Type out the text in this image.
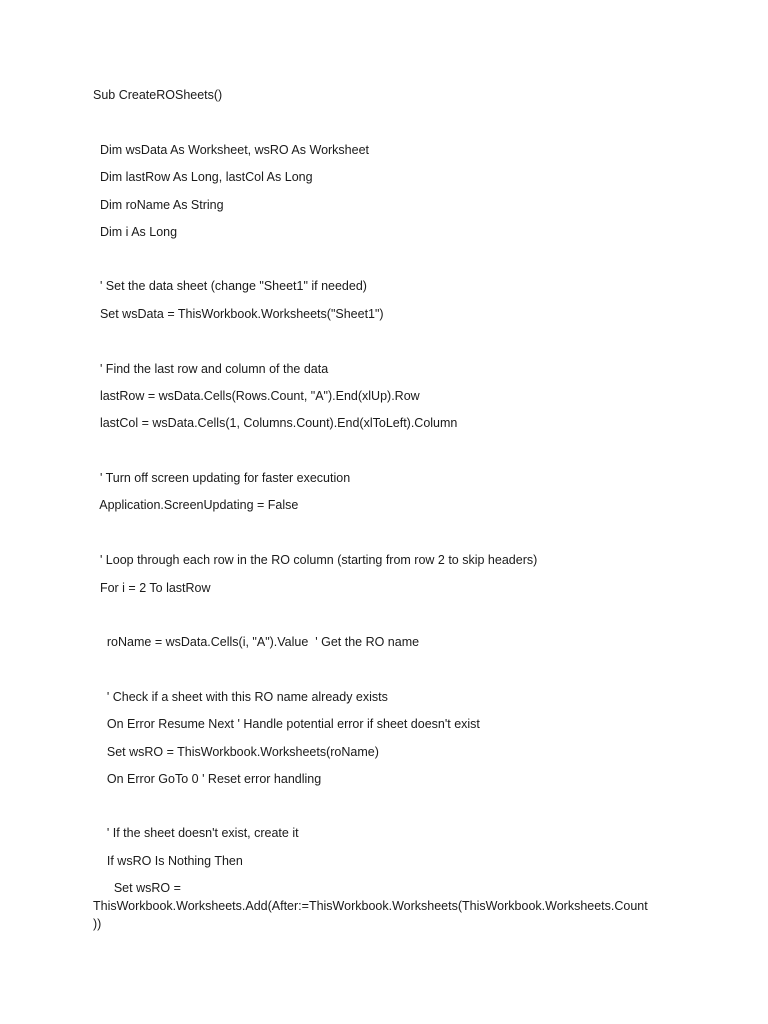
Sub CreateROSheets()

Dim wsData As Worksheet, wsRO As Worksheet

Dim lastRow As Long, lastCol As Long

Dim roName As String

Dim i As Long

' Set the data sheet (change "Sheet1" if needed)

Set wsData = ThisWorkbook.Worksheets("Sheet1")

' Find the last row and column of the data

lastRow = wsData.Cells(Rows.Count, "A").End(xlUp).Row

lastCol = wsData.Cells(1, Columns.Count).End(xlToLeft).Column

' Turn off screen updating for faster execution

Application.ScreenUpdating = False

' Loop through each row in the RO column (starting from row 2 to skip headers)

For i = 2 To lastRow

roName = wsData.Cells(i, "A").Value  ' Get the RO name

' Check if a sheet with this RO name already exists

On Error Resume Next ' Handle potential error if sheet doesn't exist

Set wsRO = ThisWorkbook.Worksheets(roName)

On Error GoTo 0 ' Reset error handling

' If the sheet doesn't exist, create it

If wsRO Is Nothing Then

Set wsRO =

ThisWorkbook.Worksheets.Add(After:=ThisWorkbook.Worksheets(ThisWorkbook.Worksheets.Count

))
